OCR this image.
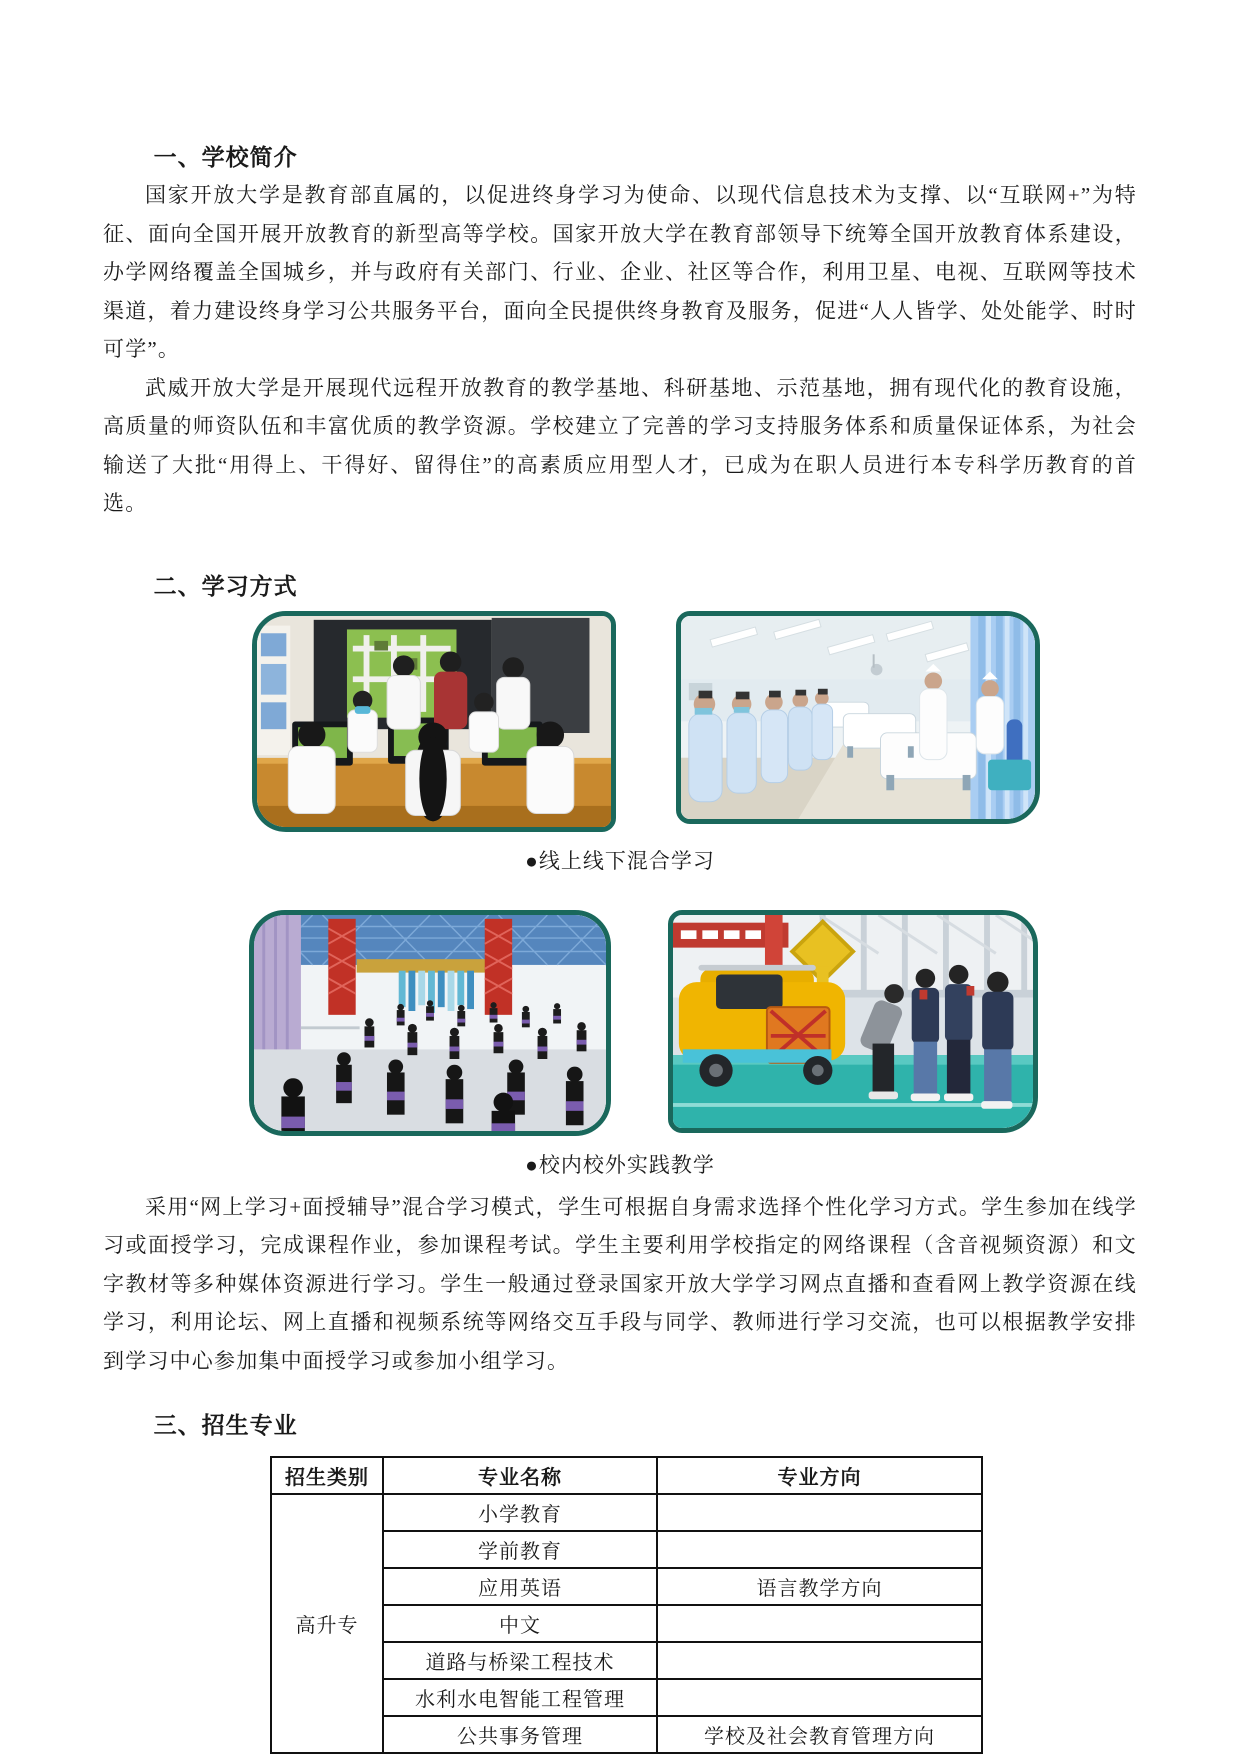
一、学校简介

国家开放大学是教育部直属的，以促进终身学习为使命、以现代信息技术为支撑、以“互联网+”为特征、面向全国开展开放教育的新型高等学校。国家开放大学在教育部领导下统筹全国开放教育体系建设，办学网络覆盖全国城乡，并与政府有关部门、行业、企业、社区等合作，利用卫星、电视、互联网等技术渠道，着力建设终身学习公共服务平台，面向全民提供终身教育及服务，促进“人人皆学、处处能学、时时可学”。

武威开放大学是开展现代远程开放教育的教学基地、科研基地、示范基地，拥有现代化的教育设施，高质量的师资队伍和丰富优质的教学资源。学校建立了完善的学习支持服务体系和质量保证体系，为社会输送了大批“用得上、干得好、留得住”的高素质应用型人才，已成为在职人员进行本专科学历教育的首选。

二、学习方式
●线上线下混合学习
●校内校外实践教学

采用“网上学习+面授辅导”混合学习模式，学生可根据自身需求选择个性化学习方式。学生参加在线学习或面授学习，完成课程作业，参加课程考试。学生主要利用学校指定的网络课程（含音视频资源）和文字教材等多种媒体资源进行学习。学生一般通过登录国家开放大学学习网点直播和查看网上教学资源在线学习，利用论坛、网上直播和视频系统等网络交互手段与同学、教师进行学习交流，也可以根据教学安排到学习中心参加集中面授学习或参加小组学习。

三、招生专业
招生类别	专业名称	专业方向
高升专	小学教育	
	学前教育	
	应用英语	语言教学方向
	中文	
	道路与桥梁工程技术	
	水利水电智能工程管理	
	公共事务管理	学校及社会教育管理方向
